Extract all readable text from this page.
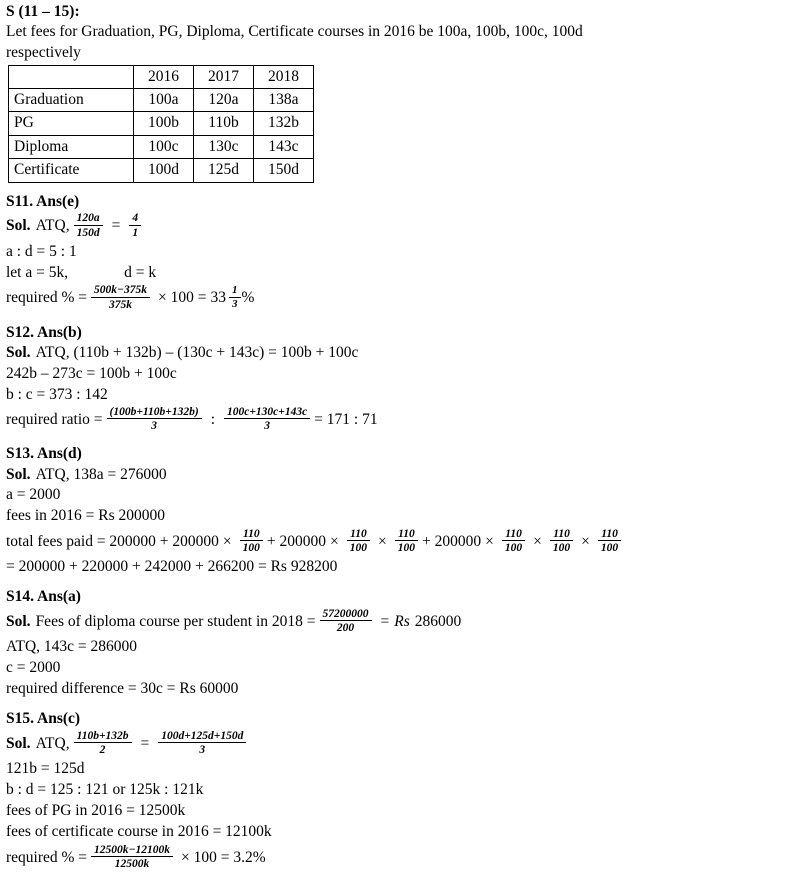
S (11 – 15):
Let fees for Graduation, PG, Diploma, Certificate courses in 2016 be 100a, 100b, 100c, 100d
respectively
	2016	2017	2018
Graduation	100a	120a	138a
PG	100b	110b	132b
Diploma	100c	130c	143c
Certificate	100d	125d	150d
S11. Ans(e)
Sol. ATQ, $\frac{120a}{150d} = \frac{4}{1}$
a : d = 5 : 1
let a = 5k,	d = k
required % = $\frac{500k-375k}{375k} \times 100 = 33 \frac{1}{3}$ %
S12. Ans(b)
Sol. ATQ, (110b + 132b) – (130c + 143c) = 100b + 100c
242b – 273c = 100b + 100c
b : c = 373 : 142
required ratio = $\frac{(100b+110b+132b)}{3}$ : $\frac{100c+130c+143c}{3} = 171$ : 71
S13. Ans(d)
Sol. ATQ, 138a = 276000
a = 2000
fees in 2016 = Rs 200000
total fees paid = $200000 + 200000 \times \frac{110}{100} + 200000 \times \frac{110}{100} \times \frac{110}{100} + 200000 \times \frac{110}{100} \times \frac{110}{100} \times \frac{110}{100}$
= 200000 + 220000 + 242000 + 266200 = Rs 928200
S14. Ans(a)
Sol. Fees of diploma course per student in $2018 = \frac{57200000}{200} = Rs$ 286000
ATQ, 143c = 286000
c = 2000
required difference = 30c = Rs 60000
S15. Ans(c)
Sol. ATQ, $\frac{110b+132b}{2} = \frac{100d+125d+150d}{3}$
121b = 125d
b : d = 125 : 121 or 125k : 121k
fees of PG in 2016 = 12500k
fees of certificate course in 2016 = 12100k
required % = $\frac{12500k-12100k}{12500k} \times 100 = 3.2\%$
